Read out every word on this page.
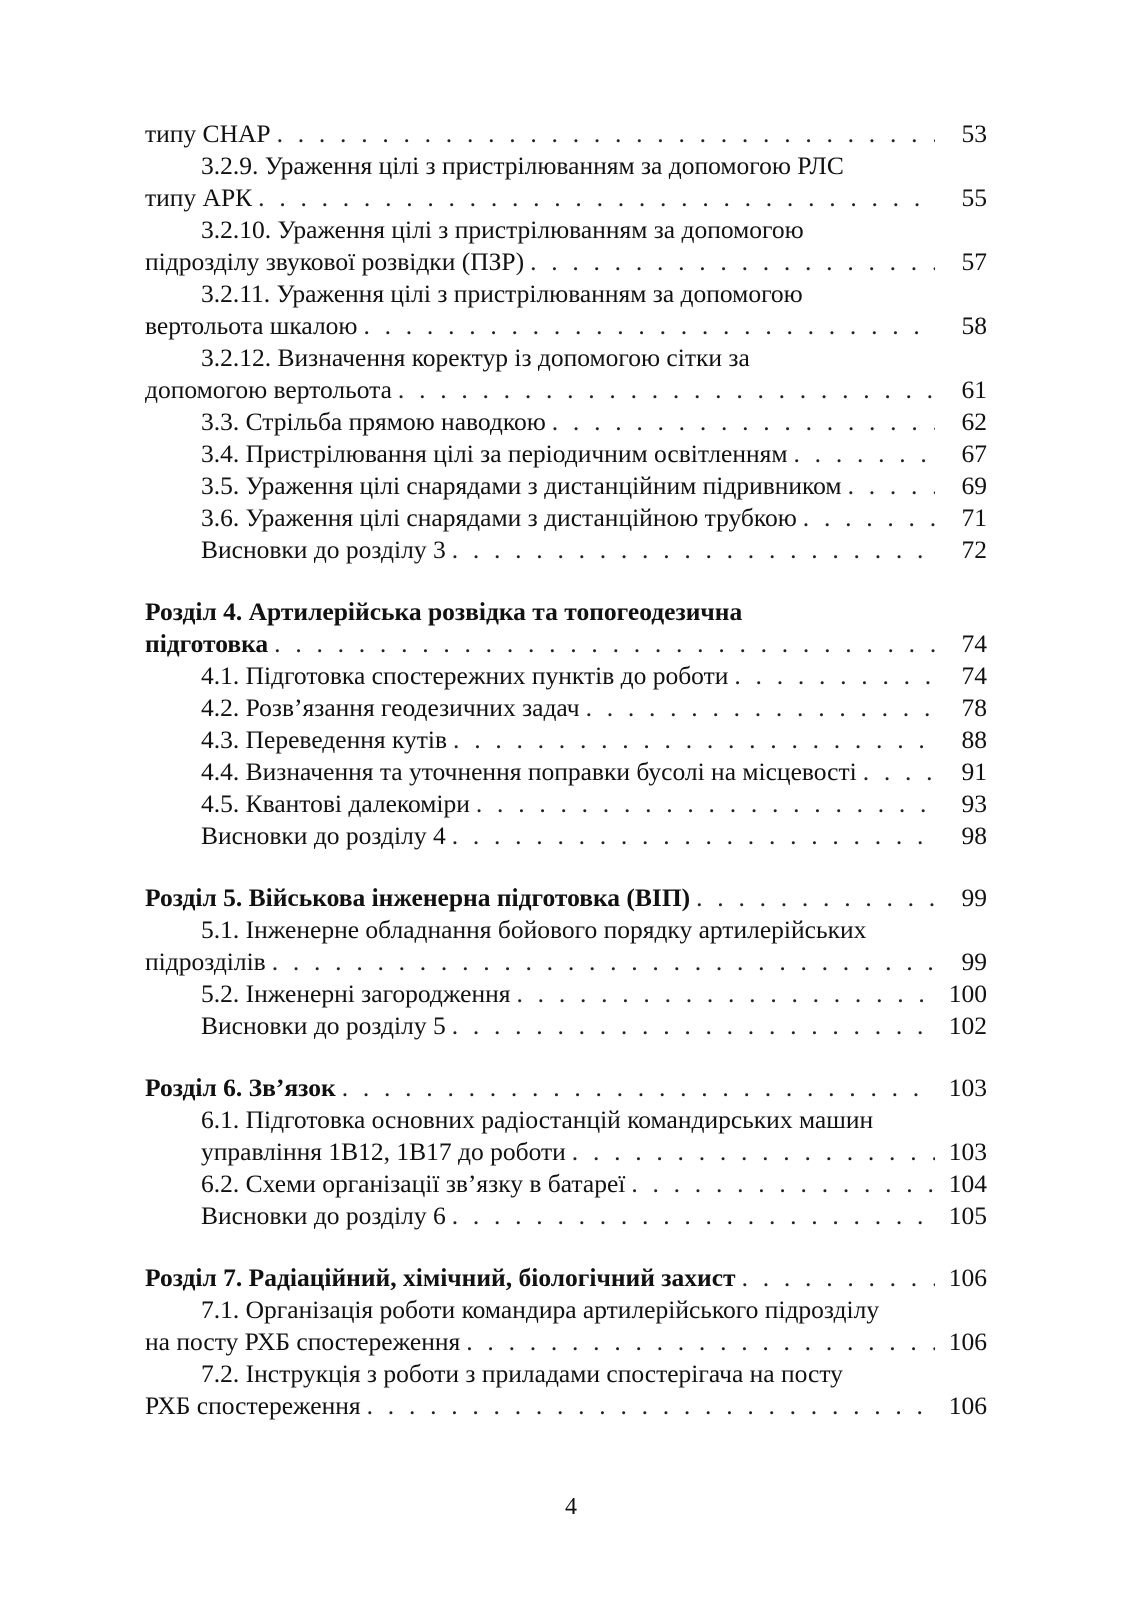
типу СНАР . . .	53
3.2.9. Ураження цілі з пристрілюванням за допомогою РЛС
типу АРК . . .	55
3.2.10. Ураження цілі з пристрілюванням за допомогою
підрозділу звукової розвідки (ПЗР) . . .	57
3.2.11. Ураження цілі з пристрілюванням за допомогою
вертольота шкалою . . .	58
3.2.12. Визначення коректур із допомогою сітки за
допомогою вертольота . . .	61
3.3. Стрільба прямою наводкою . . .	62
3.4. Пристрілювання цілі за періодичним освітленням . . .	67
3.5. Ураження цілі снарядами з дистанційним підривником . . .	69
3.6. Ураження цілі снарядами з дистанційною трубкою . . .	71
Висновки до розділу 3 . . .	72
Розділ 4. Артилерійська розвідка та топогеодезична
підготовка . . .	74
4.1. Підготовка спостережних пунктів до роботи . . .	74
4.2. Розв’язання геодезичних задач . . .	78
4.3. Переведення кутів . . .	88
4.4. Визначення та уточнення поправки бусолі на місцевості . . .	91
4.5. Квантові далекоміри . . .	93
Висновки до розділу 4 . . .	98
Розділ 5. Військова інженерна підготовка (ВІП) . . .	99
5.1. Інженерне обладнання бойового порядку артилерійських
підрозділів . . .	99
5.2. Інженерні загородження . . .	100
Висновки до розділу 5 . . .	102
Розділ 6. Зв’язок . . .	103
6.1. Підготовка основних радіостанцій командирських машин
управління 1В12, 1В17 до роботи . . .	103
6.2. Схеми організації зв’язку в батареї . . .	104
Висновки до розділу 6 . . .	105
Розділ 7. Радіаційний, хімічний, біологічний захист . . .	106
7.1. Організація роботи командира артилерійського підрозділу
на посту РХБ спостереження . . .	106
7.2. Інструкція з роботи з приладами спостерігача на посту
РХБ спостереження . . .	106
4
